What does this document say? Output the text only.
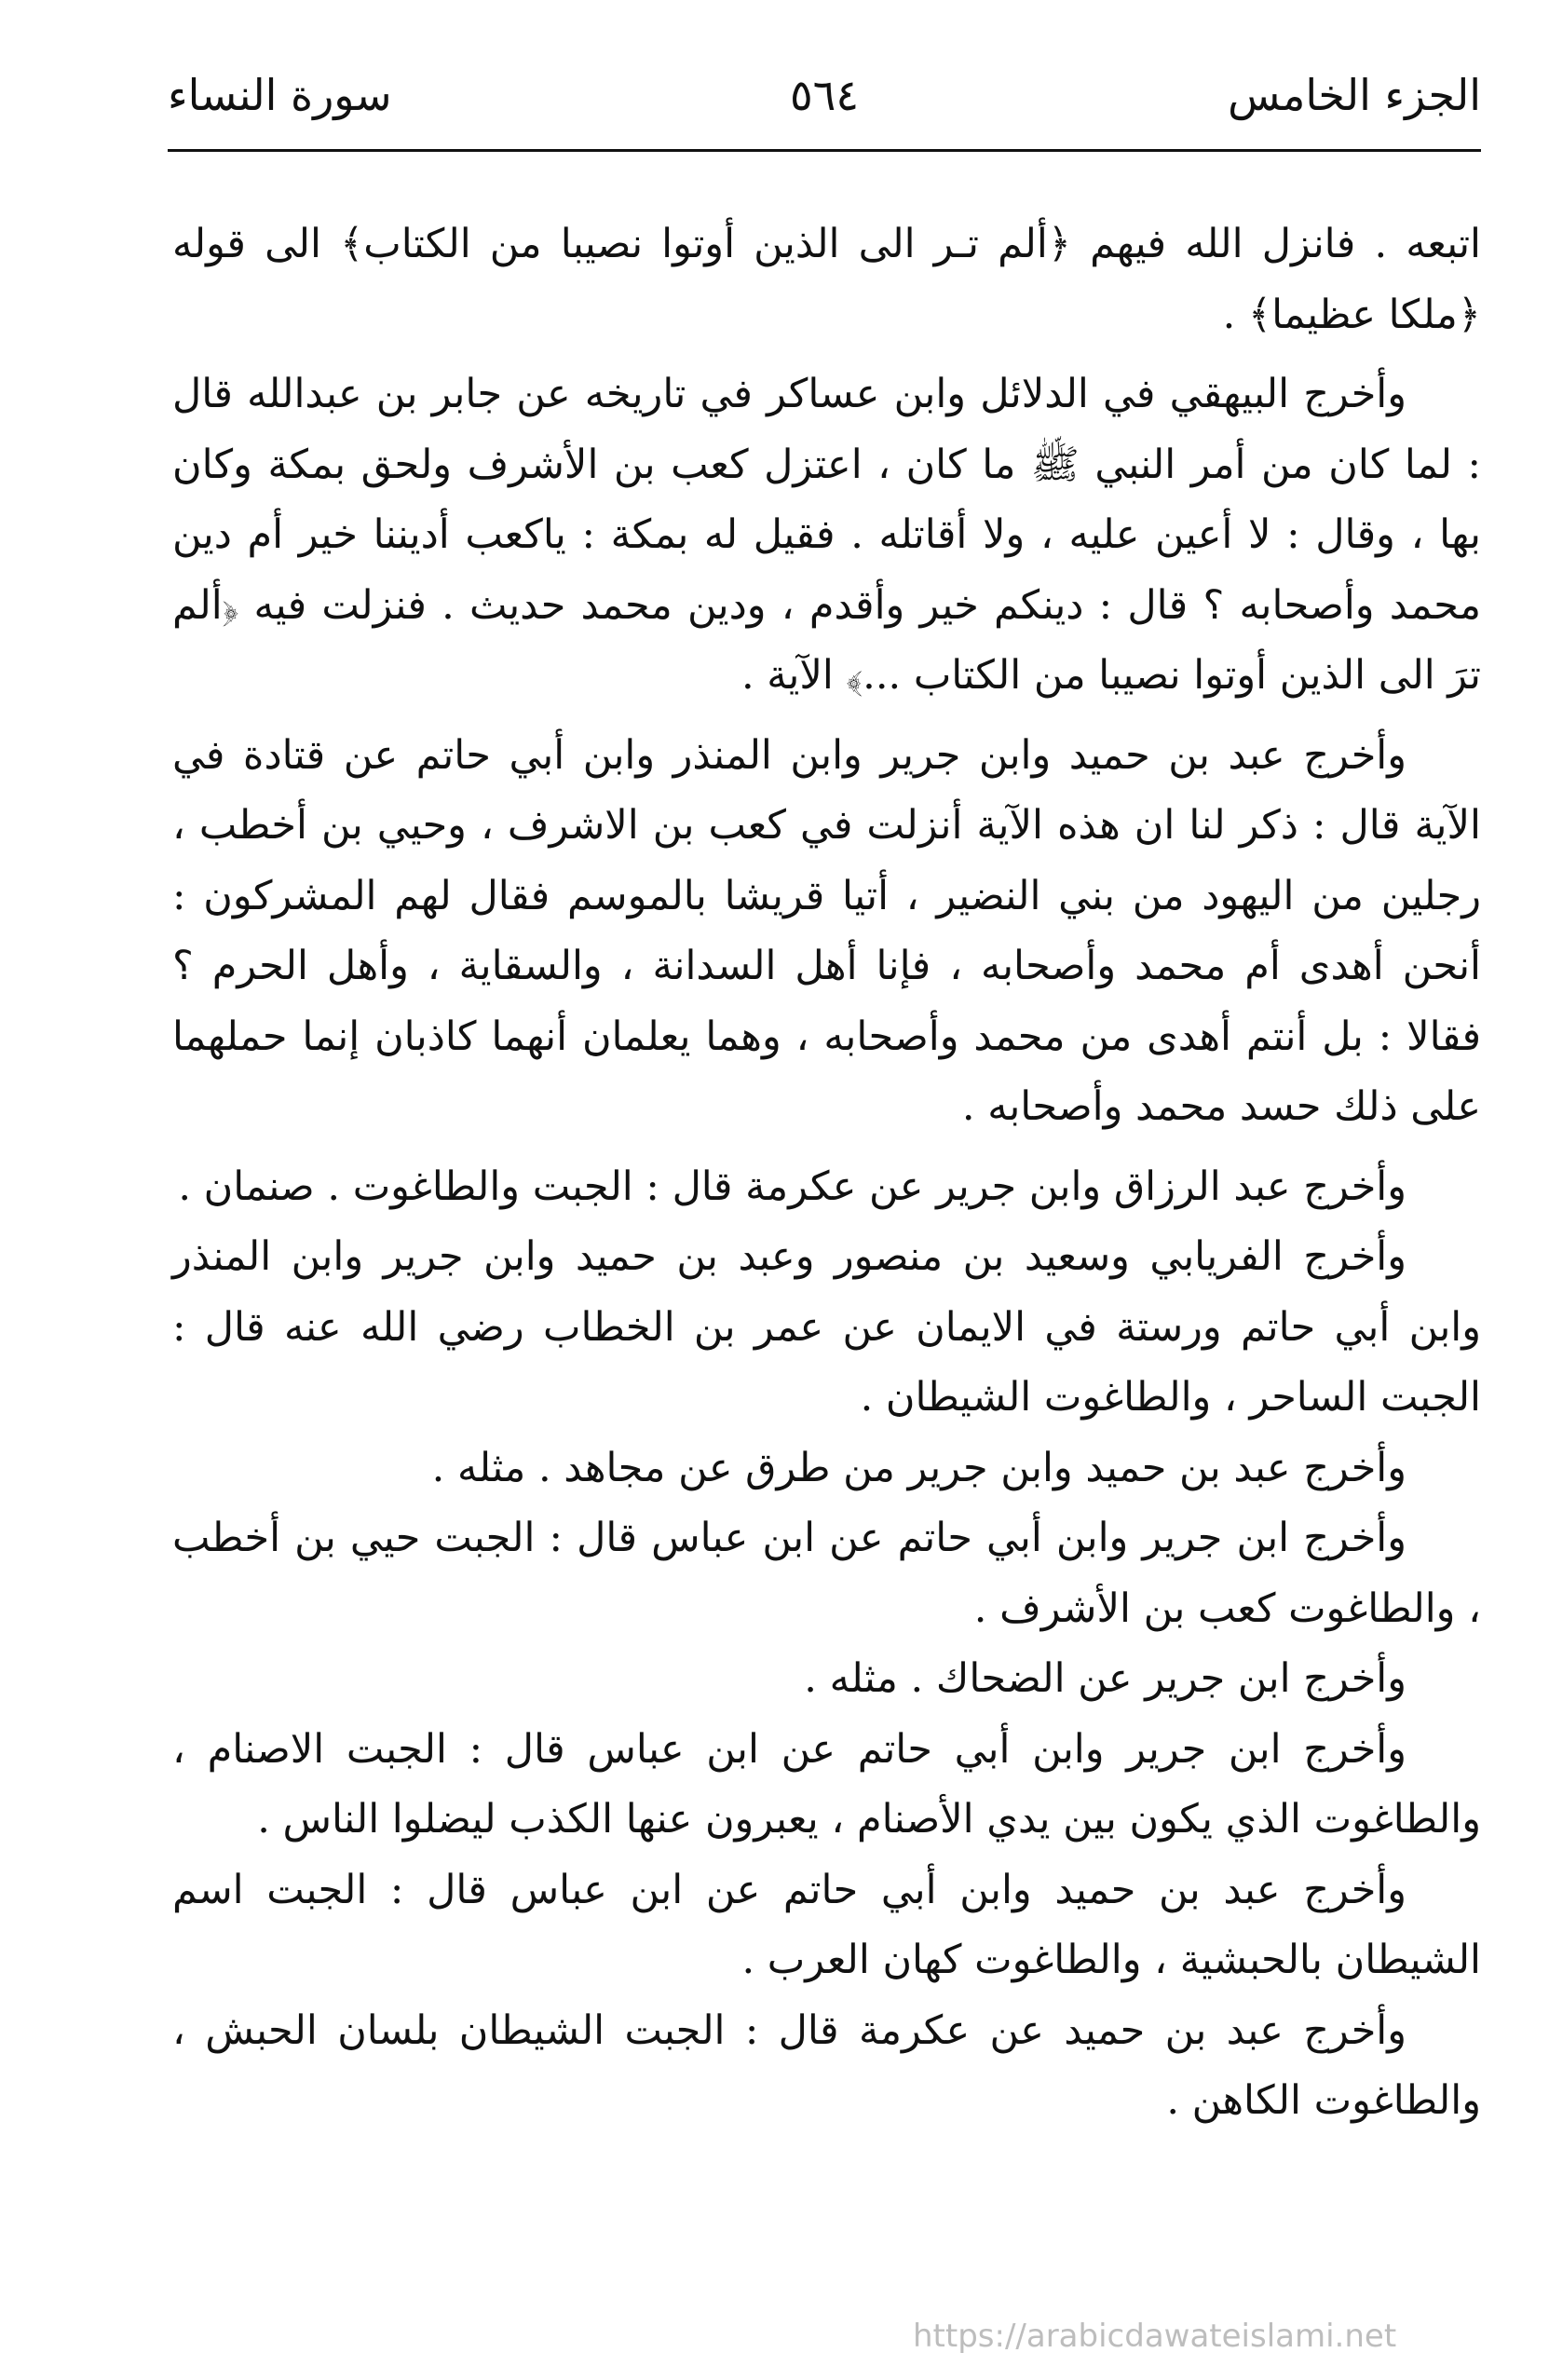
الجزء الخامس
٥٦٤
سورة النساء

اتبعه . فانزل الله فيهم ﴿ألم تـر الى الذين أوتوا نصيبا من الكتاب﴾ الى قوله ﴿ملكا عظيما﴾ .

وأخرج البيهقي في الدلائل وابن عساكر في تاريخه عن جابر بن عبدالله قال : لما كان من أمر النبي ﷺ ما كان ، اعتزل كعب بن الأشرف ولحق بمكة وكان بها ، وقال : لا أعين عليه ، ولا أقاتله . فقيل له بمكة : ياكعب أديننا خير أم دين محمد وأصحابه ؟ قال : دينكم خير وأقدم ، ودين محمد حديث . فنزلت فيه ﴿ألم ترَ الى الذين أوتوا نصيبا من الكتاب ...﴾ الآية .

وأخرج عبد بن حميد وابن جرير وابن المنذر وابن أبي حاتم عن قتادة في الآية قال : ذكر لنا ان هذه الآية أنزلت في كعب بن الاشرف ، وحيي بن أخطب ، رجلين من اليهود من بني النضير ، أتيا قريشا بالموسم فقال لهم المشركون : أنحن أهدى أم محمد وأصحابه ، فإنا أهل السدانة ، والسقاية ، وأهل الحرم ؟ فقالا : بل أنتم أهدى من محمد وأصحابه ، وهما يعلمان أنهما كاذبان إنما حملهما على ذلك حسد محمد وأصحابه .

وأخرج عبد الرزاق وابن جرير عن عكرمة قال : الجبت والطاغوت . صنمان .

وأخرج الفريابي وسعيد بن منصور وعبد بن حميد وابن جرير وابن المنذر وابن أبي حاتم ورستة في الايمان عن عمر بن الخطاب رضي الله عنه قال : الجبت الساحر ، والطاغوت الشيطان .

وأخرج عبد بن حميد وابن جرير من طرق عن مجاهد . مثله .

وأخرج ابن جرير وابن أبي حاتم عن ابن عباس قال : الجبت حيي بن أخطب ، والطاغوت كعب بن الأشرف .

وأخرج ابن جرير عن الضحاك . مثله .

وأخرج ابن جرير وابن أبي حاتم عن ابن عباس قال : الجبت الاصنام ، والطاغوت الذي يكون بين يدي الأصنام ، يعبرون عنها الكذب ليضلوا الناس .

وأخرج عبد بن حميد وابن أبي حاتم عن ابن عباس قال : الجبت اسم الشيطان بالحبشية ، والطاغوت كهان العرب .

وأخرج عبد بن حميد عن عكرمة قال : الجبت الشيطان بلسان الحبش ، والطاغوت الكاهن .

https://arabicdawateislami.net
